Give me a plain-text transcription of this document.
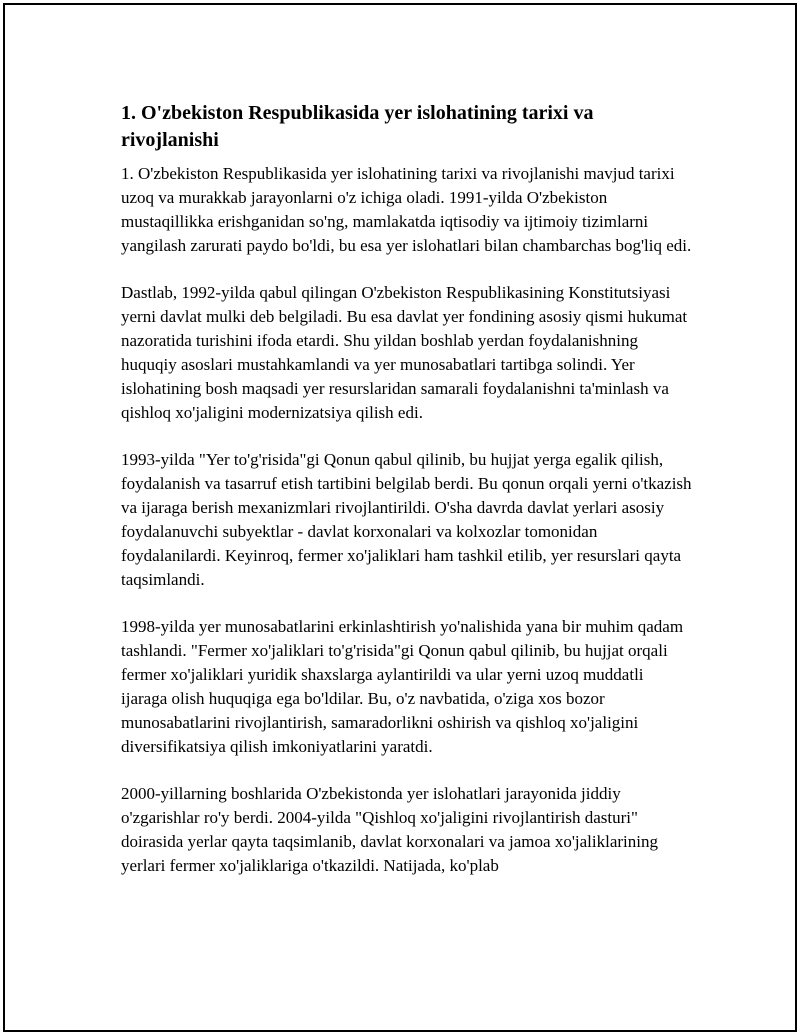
1. O'zbekiston Respublikasida yer islohatining tarixi va rivojlanishi

1. O'zbekiston Respublikasida yer islohatining tarixi va rivojlanishi mavjud tarixi uzoq va murakkab jarayonlarni o'z ichiga oladi. 1991-yilda O'zbekiston mustaqillikka erishganidan so'ng, mamlakatda iqtisodiy va ijtimoiy tizimlarni yangilash zarurati paydo bo'ldi, bu esa yer islohatlari bilan chambarchas bog'liq edi.

Dastlab, 1992-yilda qabul qilingan O'zbekiston Respublikasining Konstitutsiyasi yerni davlat mulki deb belgiladi. Bu esa davlat yer fondining asosiy qismi hukumat nazoratida turishini ifoda etardi. Shu yildan boshlab yerdan foydalanishning huquqiy asoslari mustahkamlandi va yer munosabatlari tartibga solindi. Yer islohatining bosh maqsadi yer resurslaridan samarali foydalanishni ta'minlash va qishloq xo'jaligini modernizatsiya qilish edi.

1993-yilda "Yer to'g'risida"gi Qonun qabul qilinib, bu hujjat yerga egalik qilish, foydalanish va tasarruf etish tartibini belgilab berdi. Bu qonun orqali yerni o'tkazish va ijaraga berish mexanizmlari rivojlantirildi. O'sha davrda davlat yerlari asosiy foydalanuvchi subyektlar - davlat korxonalari va kolxozlar tomonidan foydalanilardi. Keyinroq, fermer xo'jaliklari ham tashkil etilib, yer resurslari qayta taqsimlandi.

1998-yilda yer munosabatlarini erkinlashtirish yo'nalishida yana bir muhim qadam tashlandi. "Fermer xo'jaliklari to'g'risida"gi Qonun qabul qilinib, bu hujjat orqali fermer xo'jaliklari yuridik shaxslarga aylantirildi va ular yerni uzoq muddatli ijaraga olish huquqiga ega bo'ldilar. Bu, o'z navbatida, o'ziga xos bozor munosabatlarini rivojlantirish, samaradorlikni oshirish va qishloq xo'jaligini diversifikatsiya qilish imkoniyatlarini yaratdi.

2000-yillarning boshlarida O'zbekistonda yer islohatlari jarayonida jiddiy o'zgarishlar ro'y berdi. 2004-yilda "Qishloq xo'jaligini rivojlantirish dasturi" doirasida yerlar qayta taqsimlanib, davlat korxonalari va jamoa xo'jaliklarining yerlari fermer xo'jaliklariga o'tkazildi. Natijada, ko'plab
